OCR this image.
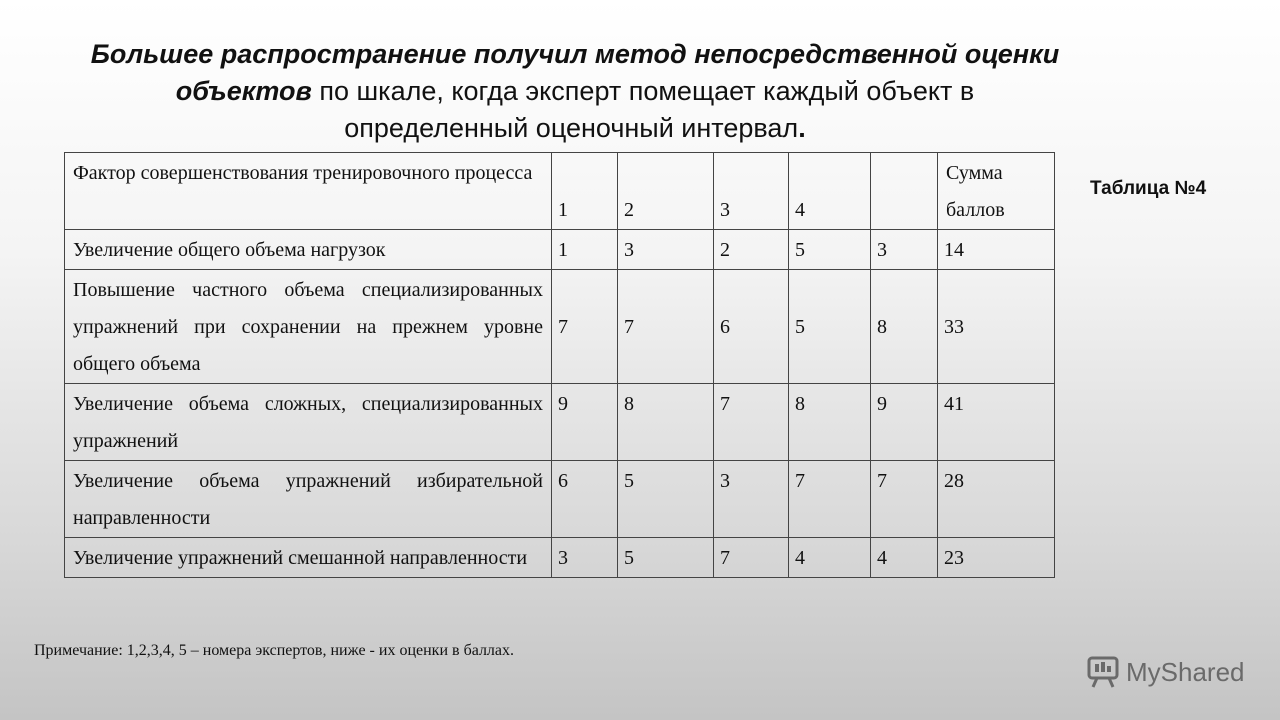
Большее распространение получил метод непосредственной оценки
объектов по шкале, когда эксперт помещает каждый объект в
определенный оценочный интервал.
Таблица №4
Фактор совершенствования тренировочного процесса	1	2	3	4		Сумма баллов
Увеличение общего объема нагрузок	1	3	2	5	3	14
Повышение частного объема специализированных упражнений при сохранении на прежнем уровне общего объема	7	7	6	5	8	33
Увеличение объема сложных, специализированных упражнений	9	8	7	8	9	41
Увеличение объема упражнений избирательной направленности	6	5	3	7	7	28
Увеличение упражнений смешанной направленности	3	5	7	4	4	23
Примечание: 1,2,3,4, 5 – номера экспертов, ниже - их оценки в баллах.
MyShared
